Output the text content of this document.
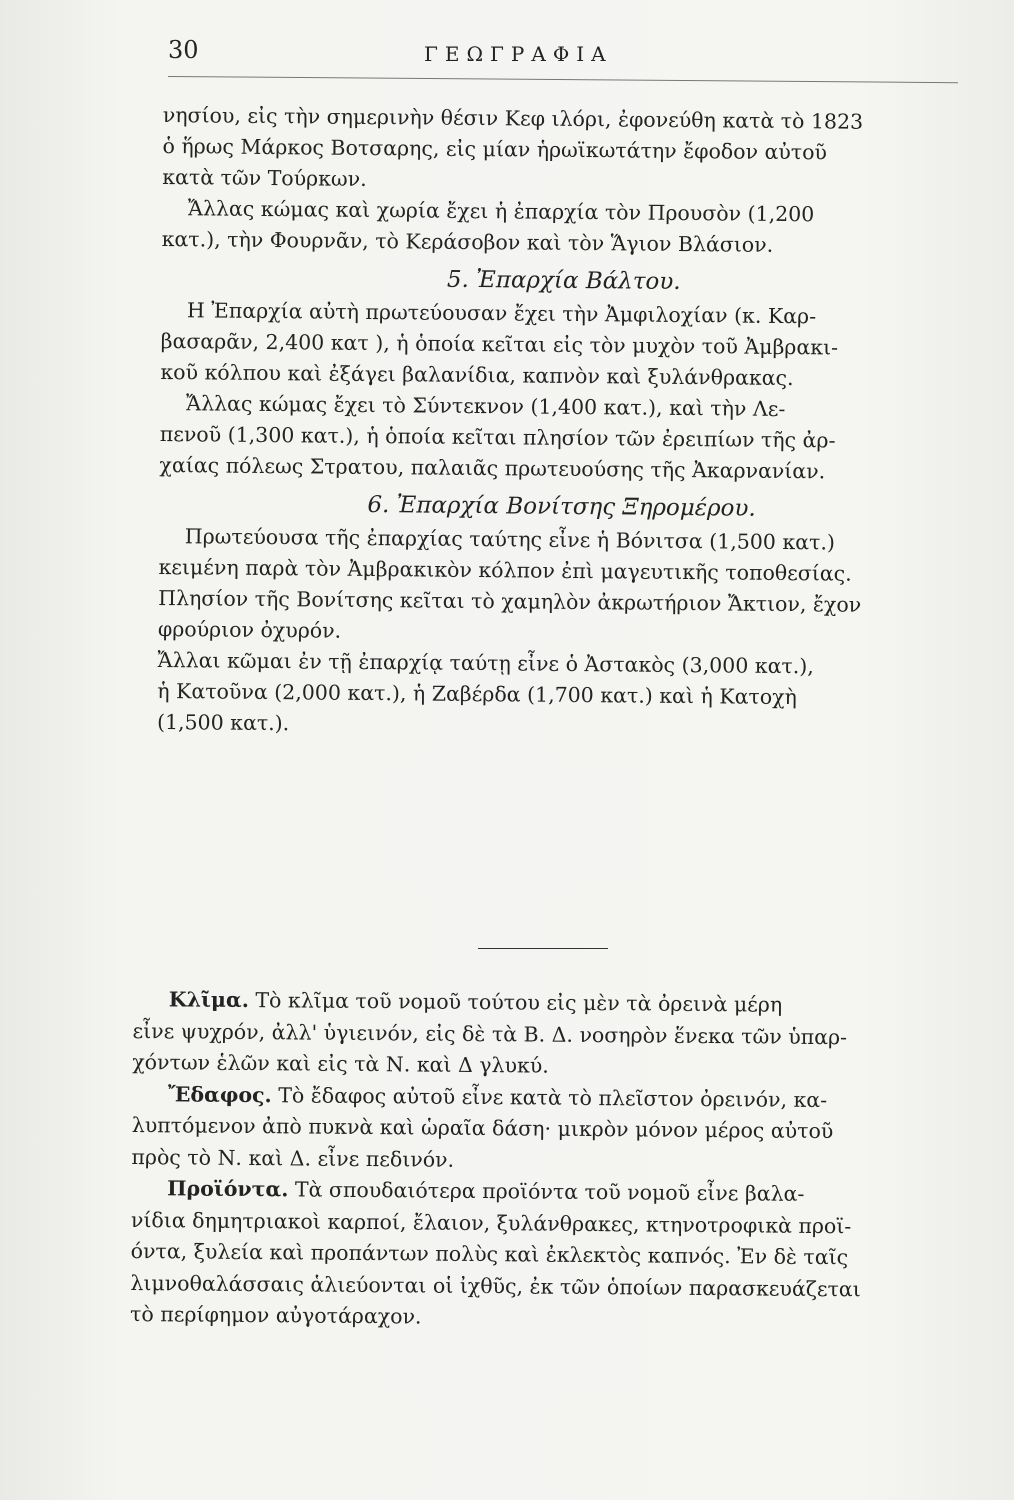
30	ΓΕΩΓΡΑΦΙΑ
νησίου, εἰς τὴν σημερινὴν θέσιν Κεφ ιλόρι, ἐφονεύθη κατὰ τὸ 1823
ὁ ἥρως Μάρκος Βοτσαρης, εἰς μίαν ἡρωϊκωτάτην ἔφοδον αὐτοῦ
κατὰ τῶν Τούρκων.
Ἄλλας κώμας καὶ χωρία ἔχει ἡ ἐπαρχία τὸν Προυσὸν (1,200
κατ.), τὴν Φουρνᾶν, τὸ Κεράσοβον καὶ τὸν Ἅγιον Βλάσιον.
5. Ἐπαρχία Βάλτου.
Η Ἐπαρχία αὐτὴ πρωτεύουσαν ἔχει τὴν Ἀμφιλοχίαν (κ. Καρ-
βασαρᾶν, 2,400 κατ ), ἡ ὁποία κεῖται εἰς τὸν μυχὸν τοῦ Ἀμβρακι-
κοῦ κόλπου καὶ ἐξάγει βαλανίδια, καπνὸν καὶ ξυλάνθρακας.
Ἄλλας κώμας ἔχει τὸ Σύντεκνον (1,400 κατ.), καὶ τὴν Λε-
πενοῦ (1,300 κατ.), ἡ ὁποία κεῖται πλησίον τῶν ἐρειπίων τῆς ἀρ-
χαίας πόλεως Στρατου, παλαιᾶς πρωτευούσης τῆς Ἀκαρνανίαν.
6. Ἐπαρχία Βονίτσης Ξηρομέρου.
Πρωτεύουσα τῆς ἐπαρχίας ταύτης εἶνε ἡ Βόνιτσα (1,500 κατ.)
κειμένη παρὰ τὸν Ἀμβρακικὸν κόλπον ἐπὶ μαγευτικῆς τοποθεσίας.
Πλησίον τῆς Βονίτσης κεῖται τὸ χαμηλὸν ἀκρωτήριον Ἄκτιον, ἔχον
φρούριον ὀχυρόν.
Ἄλλαι κῶμαι ἐν τῇ ἐπαρχίᾳ ταύτῃ εἶνε ὁ Ἀστακὸς (3,000 κατ.),
ἡ Κατοῦνα (2,000 κατ.), ἡ Ζαβέρδα (1,700 κατ.) καὶ ἡ Κατοχὴ
(1,500 κατ.).
Κλῖμα. Τὸ κλῖμα τοῦ νομοῦ τούτου εἰς μὲν τὰ ὀρεινὰ μέρη
εἶνε ψυχρόν, ἀλλ' ὑγιεινόν, εἰς δὲ τὰ Β. Δ. νοσηρὸν ἕνεκα τῶν ὑπαρ-
χόντων ἑλῶν καὶ εἰς τὰ Ν. καὶ Δ γλυκύ.
Ἔδαφος. Τὸ ἔδαφος αὐτοῦ εἶνε κατὰ τὸ πλεῖστον ὀρεινόν, κα-
λυπτόμενον ἀπὸ πυκνὰ καὶ ὡραῖα δάση· μικρὸν μόνον μέρος αὐτοῦ
πρὸς τὸ Ν. καὶ Δ. εἶνε πεδινόν.
Προϊόντα. Τὰ σπουδαιότερα προϊόντα τοῦ νομοῦ εἶνε βαλα-
νίδια δημητριακοὶ καρποί, ἔλαιον, ξυλάνθρακες, κτηνοτροφικὰ προϊ-
όντα, ξυλεία καὶ προπάντων πολὺς καὶ ἐκλεκτὸς καπνός. Ἐν δὲ ταῖς
λιμνοθαλάσσαις ἁλιεύονται οἱ ἰχθῦς, ἐκ τῶν ὁποίων παρασκευάζεται
τὸ περίφημον αὐγοτάραχον.
